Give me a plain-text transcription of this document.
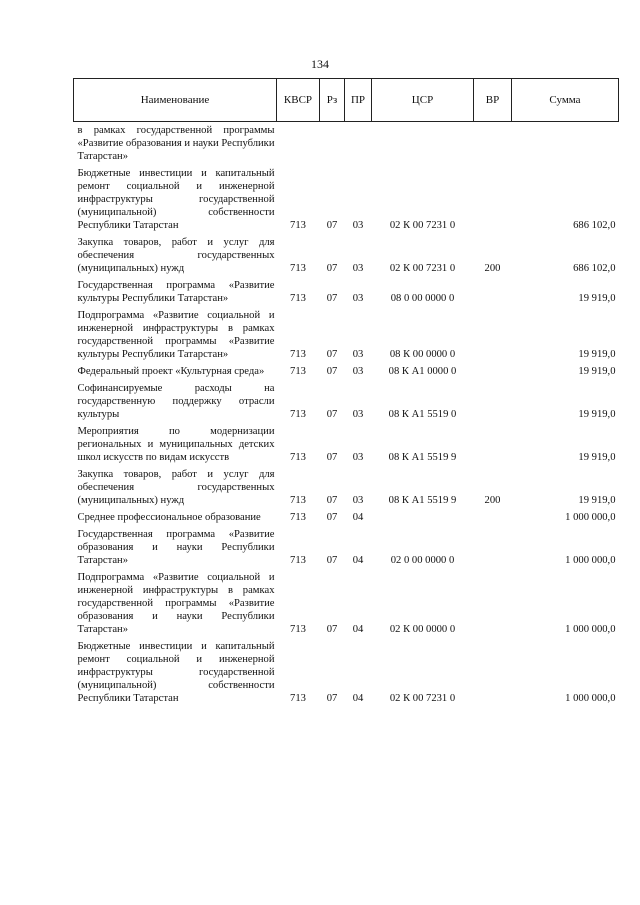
134
Наименование	КВСР	Рз	ПР	ЦСР	ВР	Сумма
в рамках государственной программы «Развитие образования и науки Республики Татарстан»						
Бюджетные инвестиции и капитальный ремонт социальной и инженерной инфраструктуры государственной (муниципальной) собственности Республики Татарстан	713	07	03	02 К 00 7231 0		686 102,0
Закупка товаров, работ и услуг для обеспечения государственных (муниципальных) нужд	713	07	03	02 К 00 7231 0	200	686 102,0
Государственная программа «Развитие культуры Республики Татарстан»	713	07	03	08 0 00 0000 0		19 919,0
Подпрограмма «Развитие социальной и инженерной инфраструктуры в рамках государственной программы «Развитие культуры Республики Татарстан»	713	07	03	08 К 00 0000 0		19 919,0
Федеральный проект «Культурная среда»	713	07	03	08 К А1 0000 0		19 919,0
Софинансируемые расходы на государственную поддержку отрасли культуры	713	07	03	08 К А1 5519 0		19 919,0
Мероприятия по модернизации региональных и муниципальных детских школ искусств по видам искусств	713	07	03	08 К А1 5519 9		19 919,0
Закупка товаров, работ и услуг для обеспечения государственных (муниципальных) нужд	713	07	03	08 К А1 5519 9	200	19 919,0
Среднее профессиональное образование	713	07	04			1 000 000,0
Государственная программа «Развитие образования и науки Республики Татарстан»	713	07	04	02 0 00 0000 0		1 000 000,0
Подпрограмма «Развитие социальной и инженерной инфраструктуры в рамках государственной программы «Развитие образования и науки Республики Татарстан»	713	07	04	02 К 00 0000 0		1 000 000,0
Бюджетные инвестиции и капитальный ремонт социальной и инженерной инфраструктуры государственной (муниципальной) собственности Республики Татарстан	713	07	04	02 К 00 7231 0		1 000 000,0
